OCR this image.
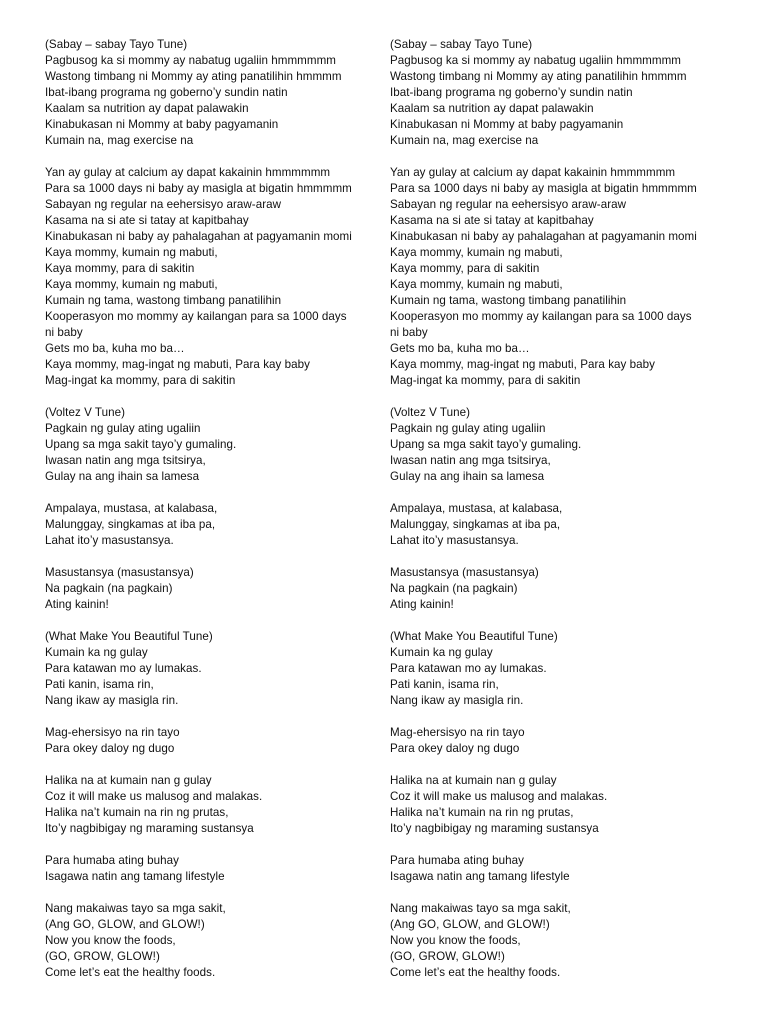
(Sabay – sabay Tayo Tune)
Pagbusog ka si mommy ay nabatug ugaliin hmmmmmm
Wastong timbang ni Mommy ay ating panatilihin hmmmm
Ibat-ibang programa ng goberno’y sundin natin
Kaalam sa nutrition ay dapat palawakin
Kinabukasan ni Mommy at baby pagyamanin
Kumain na, mag exercise na
Yan ay gulay at calcium ay dapat kakainin hmmmmmm
Para sa 1000 days ni baby ay masigla at bigatin hmmmmm
Sabayan ng regular na eehersisyo araw-araw
Kasama na si ate si tatay at kapitbahay
Kinabukasan ni baby ay pahalagahan at pagyamanin momi
Kaya mommy, kumain ng mabuti,
Kaya mommy, para di sakitin
Kaya mommy, kumain ng mabuti,
Kumain ng tama, wastong timbang panatilihin
Kooperasyon mo mommy ay kailangan para sa 1000 days
ni baby
Gets mo ba, kuha mo ba…
Kaya mommy, mag-ingat ng mabuti, Para kay baby
Mag-ingat ka mommy, para di sakitin
(Voltez V Tune)
Pagkain ng gulay ating ugaliin
Upang sa mga sakit tayo’y gumaling.
Iwasan natin ang mga tsitsirya,
Gulay na ang ihain sa lamesa
Ampalaya, mustasa, at kalabasa,
Malunggay, singkamas at iba pa,
Lahat ito’y masustansya.
Masustansya (masustansya)
Na pagkain (na pagkain)
Ating kainin!
(What Make You Beautiful Tune)
Kumain ka ng gulay
Para katawan mo ay lumakas.
Pati kanin, isama rin,
Nang ikaw ay masigla rin.
Mag-ehersisyo na rin tayo
Para okey daloy ng dugo
Halika na at kumain nan g gulay
Coz it will make us malusog and malakas.
Halika na’t kumain na rin ng prutas,
Ito’y nagbibigay ng maraming sustansya
Para humaba ating buhay
Isagawa natin ang tamang lifestyle
Nang makaiwas tayo sa mga sakit,
(Ang GO, GLOW, and GLOW!)
Now you know the foods,
(GO, GROW, GLOW!)
Come let’s eat the healthy foods.
(Sabay – sabay Tayo Tune)
Pagbusog ka si mommy ay nabatug ugaliin hmmmmmm
Wastong timbang ni Mommy ay ating panatilihin hmmmm
Ibat-ibang programa ng goberno’y sundin natin
Kaalam sa nutrition ay dapat palawakin
Kinabukasan ni Mommy at baby pagyamanin
Kumain na, mag exercise na
Yan ay gulay at calcium ay dapat kakainin hmmmmmm
Para sa 1000 days ni baby ay masigla at bigatin hmmmmm
Sabayan ng regular na eehersisyo araw-araw
Kasama na si ate si tatay at kapitbahay
Kinabukasan ni baby ay pahalagahan at pagyamanin momi
Kaya mommy, kumain ng mabuti,
Kaya mommy, para di sakitin
Kaya mommy, kumain ng mabuti,
Kumain ng tama, wastong timbang panatilihin
Kooperasyon mo mommy ay kailangan para sa 1000 days
ni baby
Gets mo ba, kuha mo ba…
Kaya mommy, mag-ingat ng mabuti, Para kay baby
Mag-ingat ka mommy, para di sakitin
(Voltez V Tune)
Pagkain ng gulay ating ugaliin
Upang sa mga sakit tayo’y gumaling.
Iwasan natin ang mga tsitsirya,
Gulay na ang ihain sa lamesa
Ampalaya, mustasa, at kalabasa,
Malunggay, singkamas at iba pa,
Lahat ito’y masustansya.
Masustansya (masustansya)
Na pagkain (na pagkain)
Ating kainin!
(What Make You Beautiful Tune)
Kumain ka ng gulay
Para katawan mo ay lumakas.
Pati kanin, isama rin,
Nang ikaw ay masigla rin.
Mag-ehersisyo na rin tayo
Para okey daloy ng dugo
Halika na at kumain nan g gulay
Coz it will make us malusog and malakas.
Halika na’t kumain na rin ng prutas,
Ito’y nagbibigay ng maraming sustansya
Para humaba ating buhay
Isagawa natin ang tamang lifestyle
Nang makaiwas tayo sa mga sakit,
(Ang GO, GLOW, and GLOW!)
Now you know the foods,
(GO, GROW, GLOW!)
Come let’s eat the healthy foods.
